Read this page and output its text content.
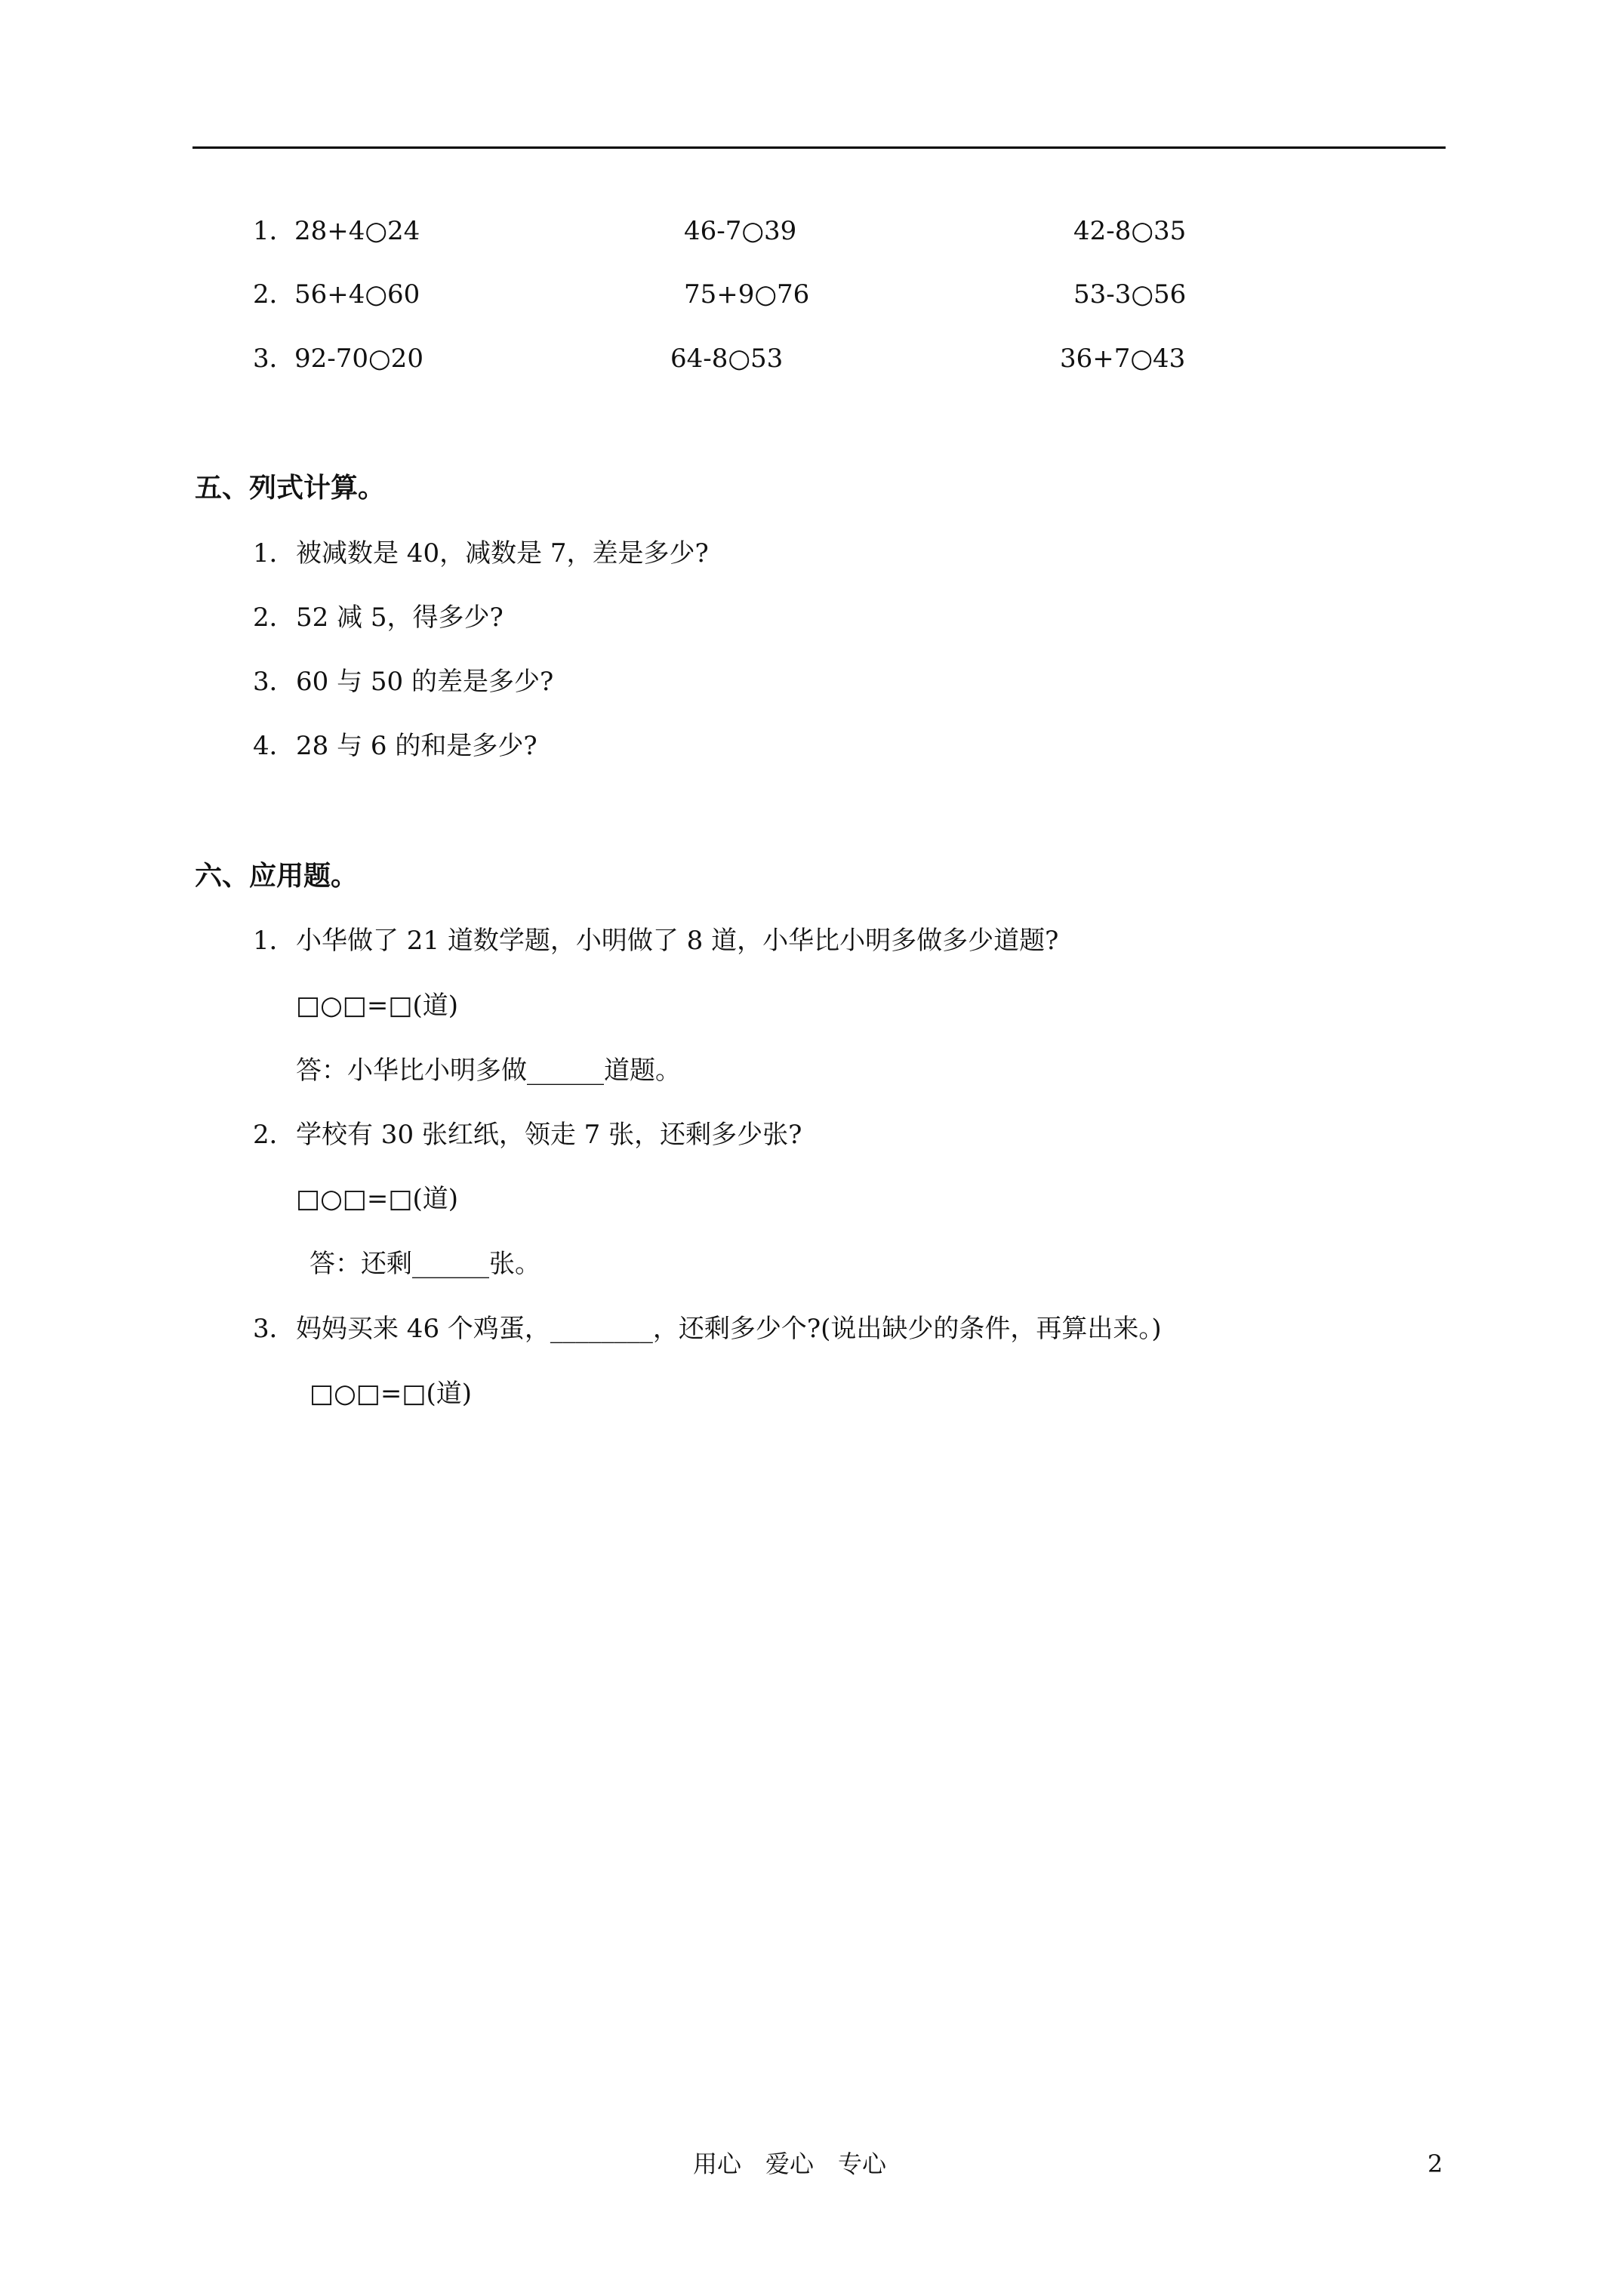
1． 28+4○24	46-7○39	42-8○35
2． 56+4○60	75+9○76	53-3○56
3． 92-70○20	64-8○53	36+7○43
五、列式计算。
1． 被减数是 40，减数是 7，差是多少?
2． 52 减 5，得多少?
3． 60 与 50 的差是多少?
4． 28 与 6 的和是多少?
六、应用题。
1． 小华做了 21 道数学题，小明做了 8 道，小华比小明多做多少道题?
□○□=□(道)
答：小华比小明多做______道题。
2． 学校有 30 张红纸，领走 7 张，还剩多少张?
□○□=□(道)
答：还剩______张。
3． 妈妈买来 46 个鸡蛋，________，还剩多少个?(说出缺少的条件，再算出来。)
□○□=□(道)
用心　爱心　专心	2
